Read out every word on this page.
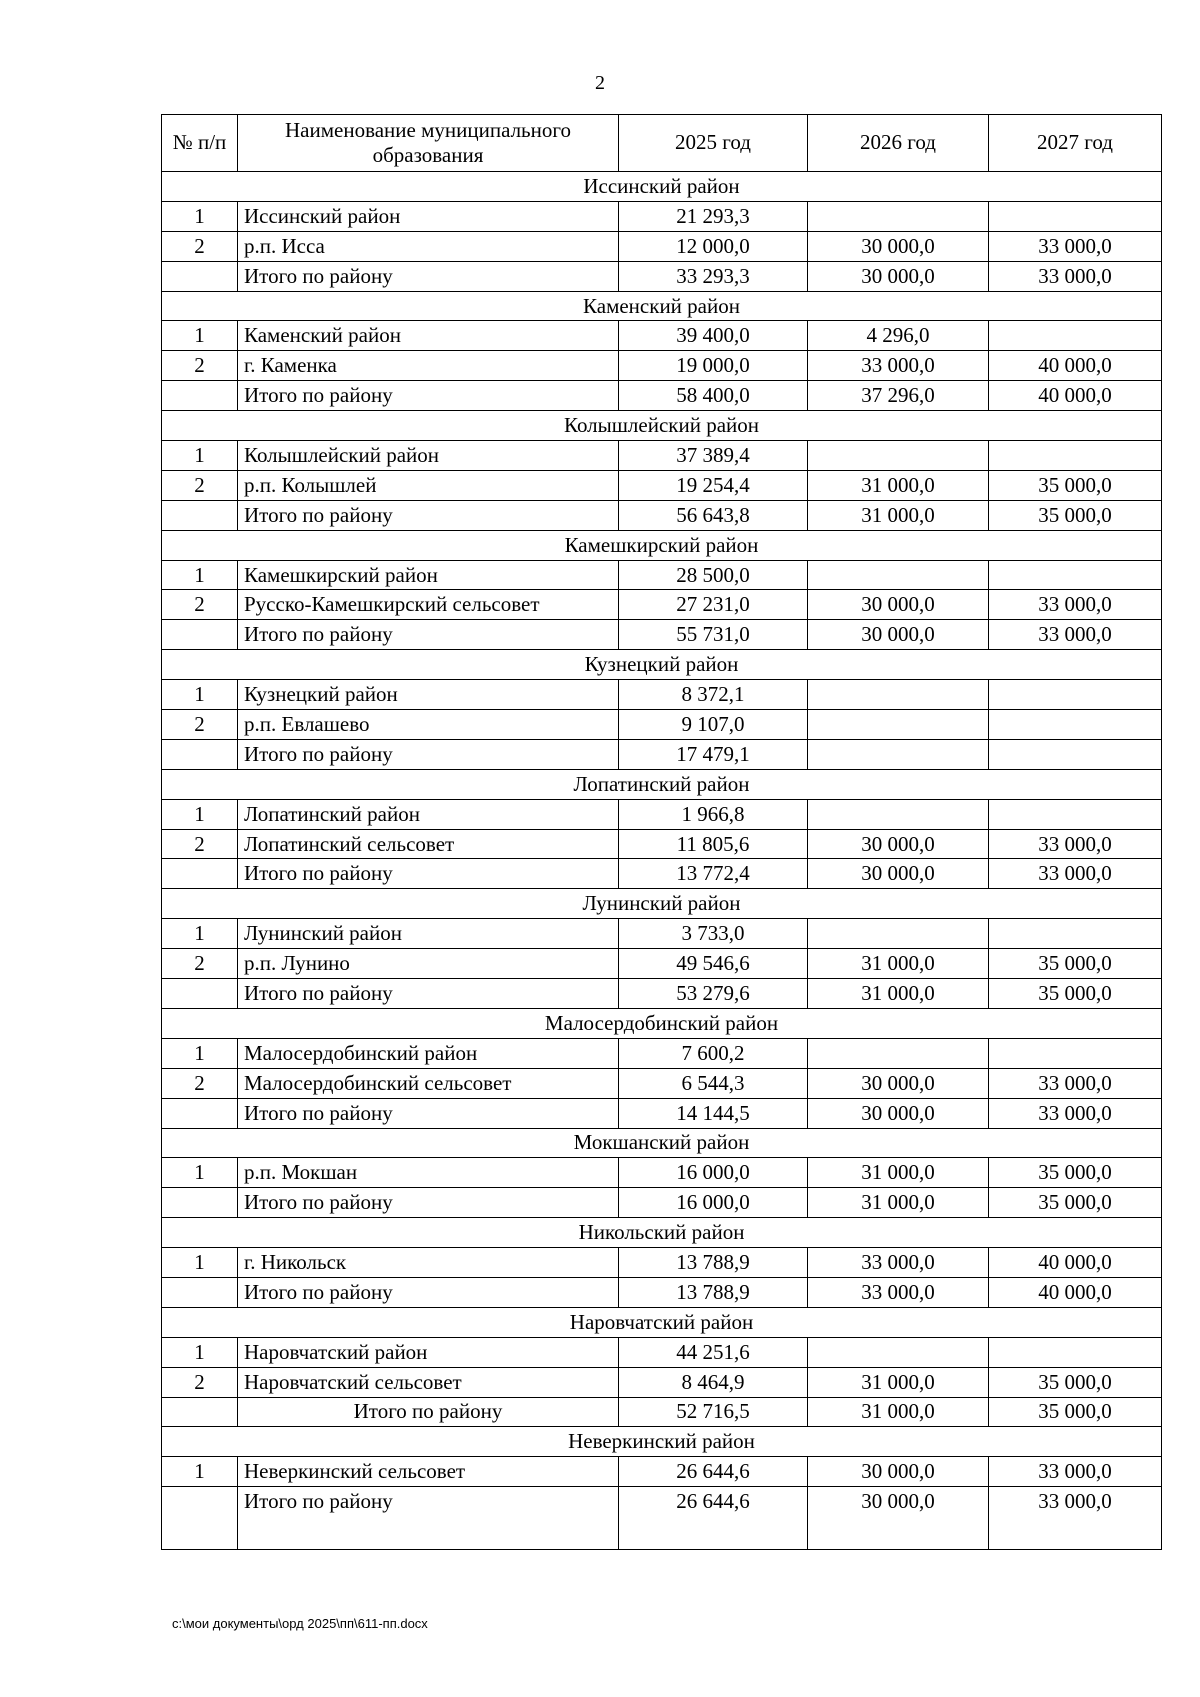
2
№ п/п	Наименование муниципального образования	2025 год	2026 год	2027 год
Иссинский район				
1	Иссинский район	21 293,3		
2	р.п. Исса	12 000,0	30 000,0	33 000,0
	Итого по району	33 293,3	30 000,0	33 000,0
Каменский район				
1	Каменский район	39 400,0	4 296,0	
2	г. Каменка	19 000,0	33 000,0	40 000,0
	Итого по району	58 400,0	37 296,0	40 000,0
Колышлейский район				
1	Колышлейский район	37 389,4		
2	р.п. Колышлей	19 254,4	31 000,0	35 000,0
	Итого по району	56 643,8	31 000,0	35 000,0
Камешкирский район				
1	Камешкирский район	28 500,0		
2	Русско-Камешкирский сельсовет	27 231,0	30 000,0	33 000,0
	Итого по району	55 731,0	30 000,0	33 000,0
Кузнецкий район				
1	Кузнецкий район	8 372,1		
2	р.п. Евлашево	9 107,0		
	Итого по району	17 479,1		
Лопатинский район				
1	Лопатинский район	1 966,8		
2	Лопатинский сельсовет	11 805,6	30 000,0	33 000,0
	Итого по району	13 772,4	30 000,0	33 000,0
Лунинский район				
1	Лунинский район	3 733,0		
2	р.п. Лунино	49 546,6	31 000,0	35 000,0
	Итого по району	53 279,6	31 000,0	35 000,0
Малосердобинский район				
1	Малосердобинский район	7 600,2		
2	Малосердобинский сельсовет	6 544,3	30 000,0	33 000,0
	Итого по району	14 144,5	30 000,0	33 000,0
Мокшанский район				
1	р.п. Мокшан	16 000,0	31 000,0	35 000,0
	Итого по району	16 000,0	31 000,0	35 000,0
Никольский район				
1	г. Никольск	13 788,9	33 000,0	40 000,0
	Итого по району	13 788,9	33 000,0	40 000,0
Наровчатский район				
1	Наровчатский район	44 251,6		
2	Наровчатский сельсовет	8 464,9	31 000,0	35 000,0
	Итого по району	52 716,5	31 000,0	35 000,0
Неверкинский район				
1	Неверкинский сельсовет	26 644,6	30 000,0	33 000,0
	Итого по району	26 644,6	30 000,0	33 000,0
c:\мои документы\орд 2025\пп\611-пп.docx
